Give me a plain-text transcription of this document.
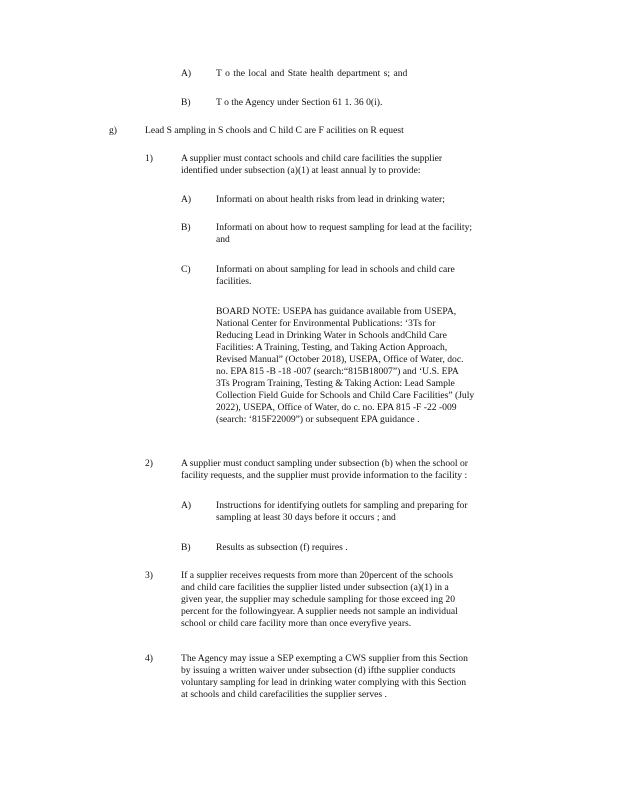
A)	T o the local and State health department s; and
B)	T o the Agency under Section 61 1. 36 0(i).
g)	Lead S ampling in S chools and C hild C are F acilities on R equest
1)	A supplier must contact schools and child care facilities the supplier
identified under subsection (a)(1) at least annual ly to provide:
A)	Informati on about health risks from lead in drinking water;
B)	Informati on about how to request sampling for lead at the facility;
and
C)	Informati on about sampling for lead in schools and child care
facilities.
BOARD NOTE: USEPA has guidance available from USEPA,
National Center for Environmental Publications: ‘3Ts for
Reducing Lead in Drinking Water in Schools andChild Care
Facilities: A Training, Testing, and Taking Action Approach,
Revised Manual” (October 2018), USEPA, Office of Water, doc.
no. EPA 815 -B -18 -007 (search:“815B18007”) and ‘U.S. EPA
3Ts Program Training, Testing & Taking Action: Lead Sample
Collection Field Guide for Schools and Child Care Facilities” (July
2022), USEPA, Office of Water, do c. no. EPA 815 -F -22 -009
(search: ‘815F22009”) or subsequent EPA guidance .
2)	A supplier must conduct sampling under subsection (b) when the school or
facility requests, and the supplier must provide information to the facility :
A)	Instructions for identifying outlets for sampling and preparing for
sampling at least 30 days before it occurs ; and
B)	Results as subsection (f) requires .
3)	If a supplier receives requests from more than 20percent of the schools
and child care facilities the supplier listed under subsection (a)(1) in a
given year, the supplier may schedule sampling for those exceed ing 20
percent for the followingyear. A supplier needs not sample an individual
school or child care facility more than once everyfive years.
4)	The Agency may issue a SEP exempting a CWS supplier from this Section
by issuing a written waiver under subsection (d) ifthe supplier conducts
voluntary sampling for lead in drinking water complying with this Section
at schools and child carefacilities the supplier serves .
